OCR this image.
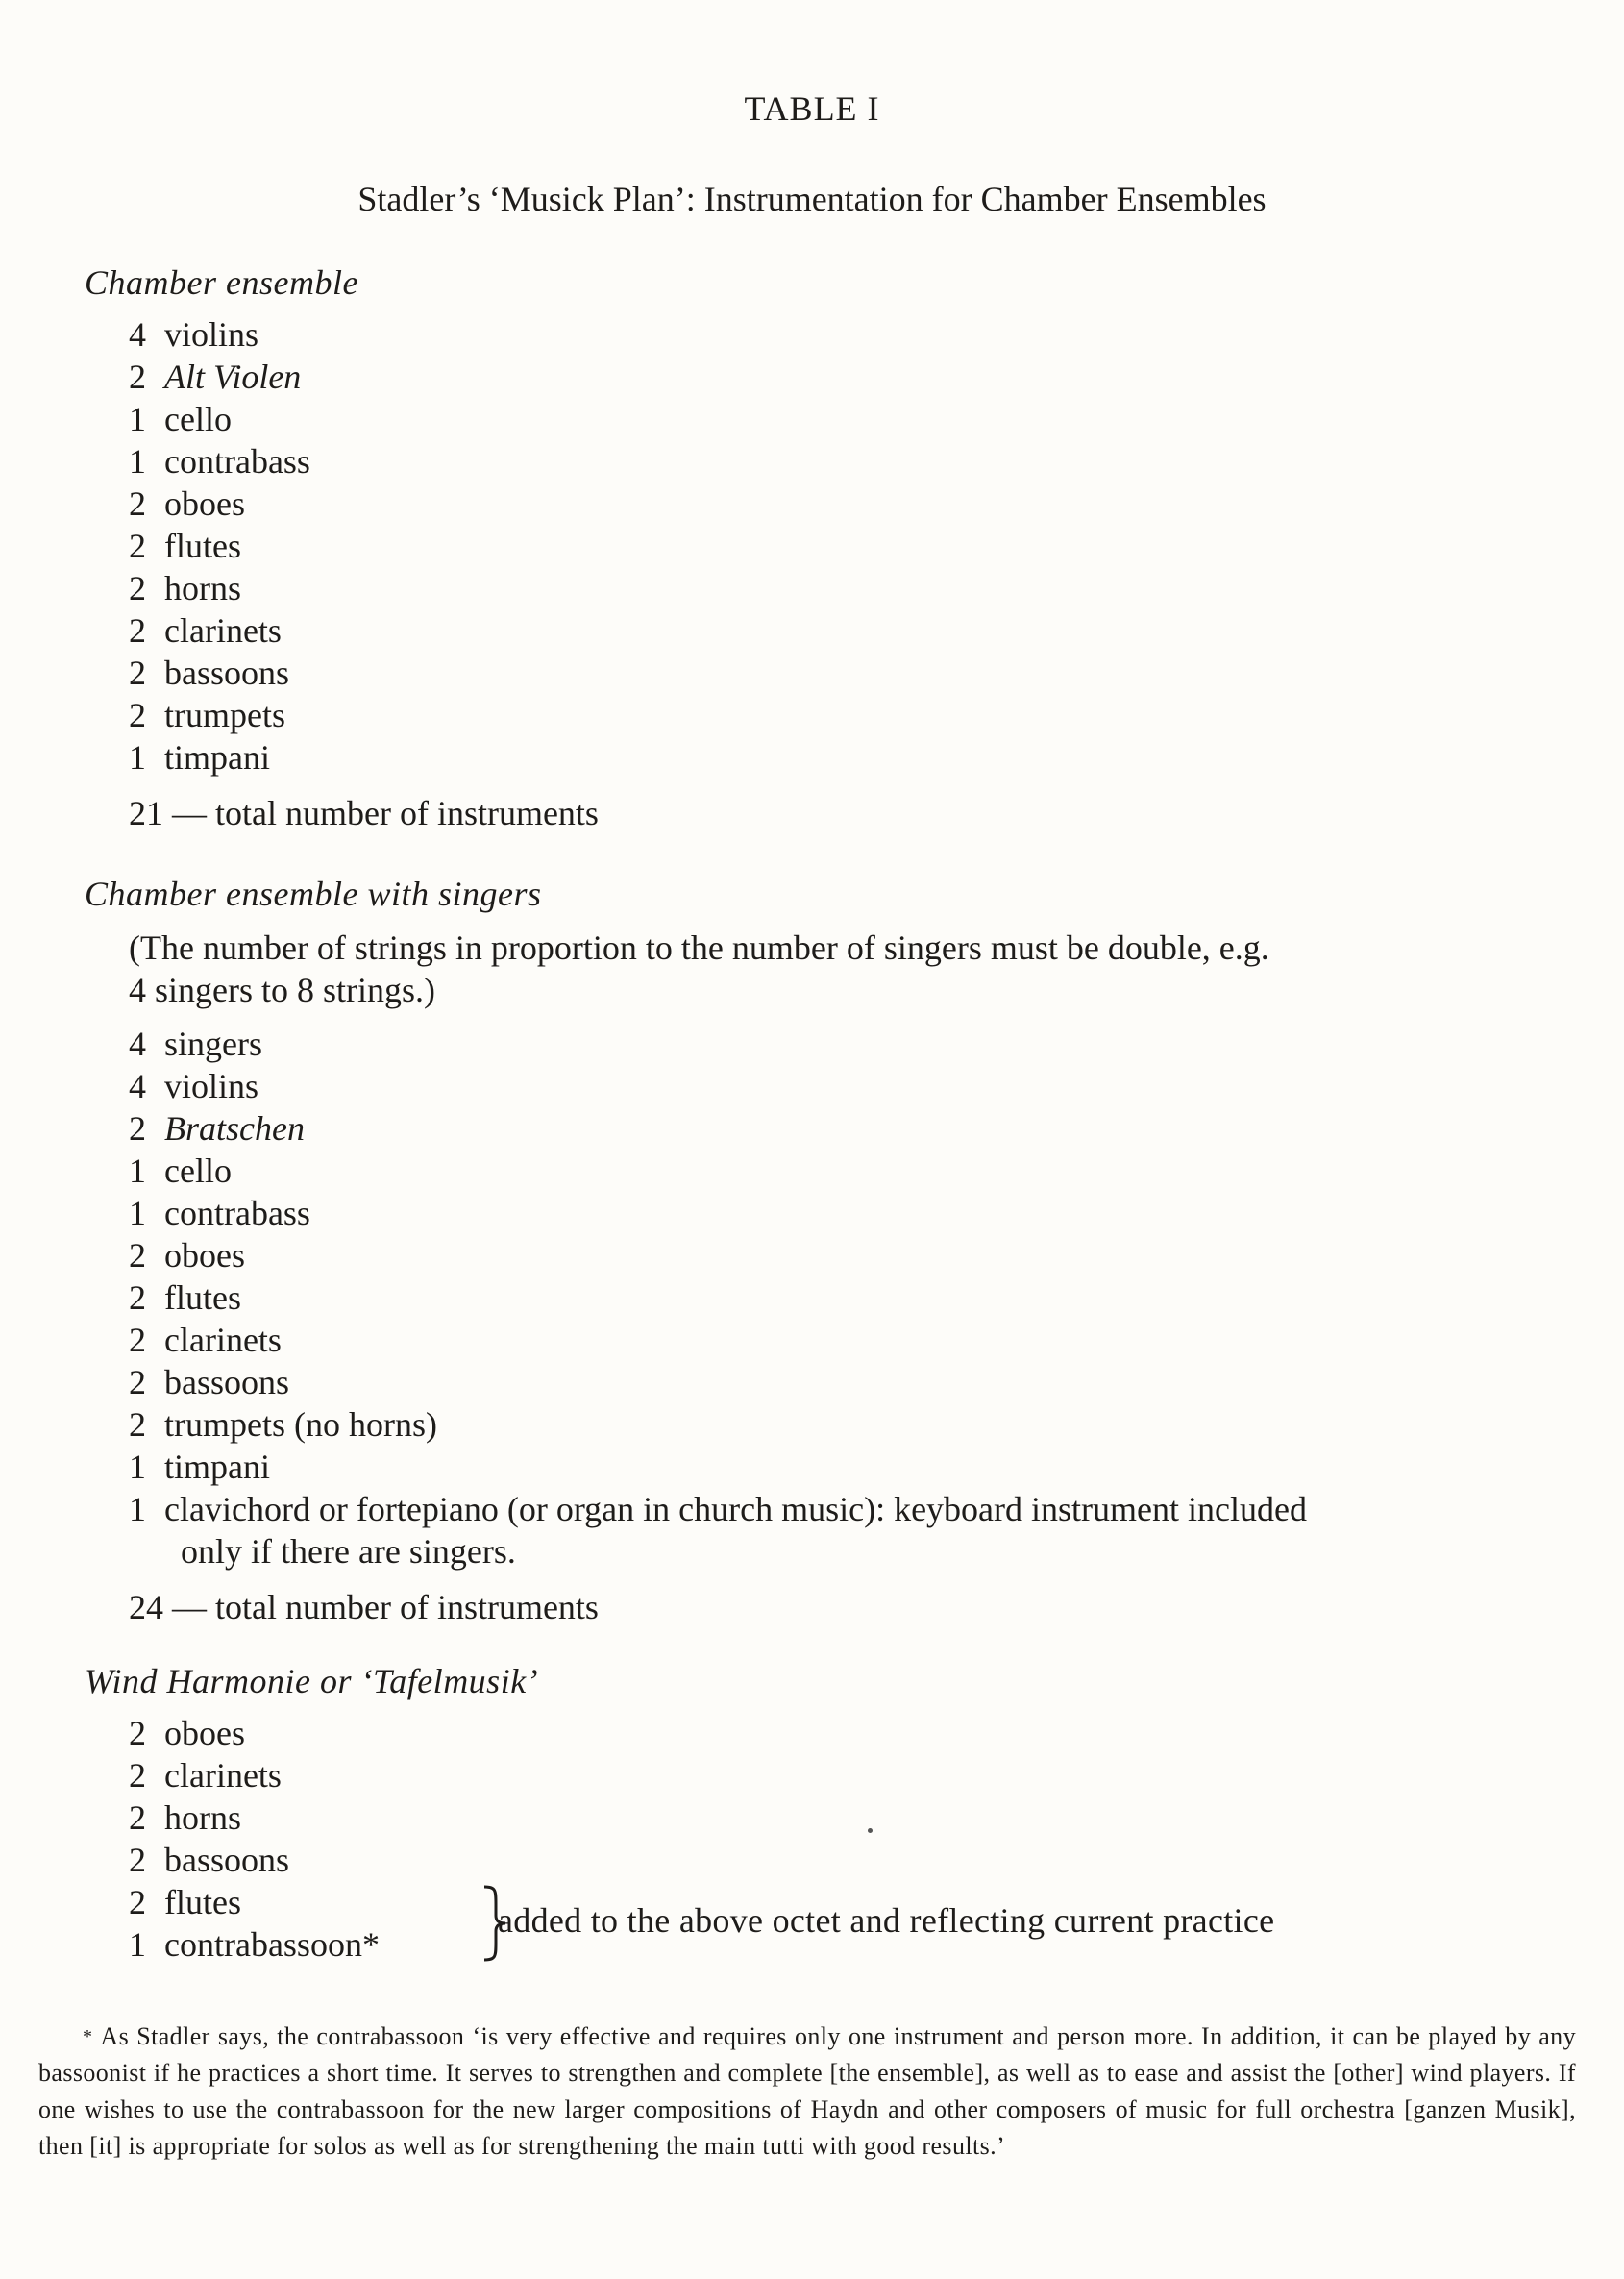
TABLE I
Stadler’s ‘Musick Plan’: Instrumentation for Chamber Ensembles
Chamber ensemble
4 violins
2 Alt Violen
1 cello
1 contrabass
2 oboes
2 flutes
2 horns
2 clarinets
2 bassoons
2 trumpets
1 timpani
21 — total number of instruments
Chamber ensemble with singers
(The number of strings in proportion to the number of singers must be double, e.g.
4 singers to 8 strings.)
4 singers
4 violins
2 Bratschen
1 cello
1 contrabass
2 oboes
2 flutes
2 clarinets
2 bassoons
2 trumpets (no horns)
1 timpani
1 clavichord or fortepiano (or organ in church music): keyboard instrument included
only if there are singers.
24 — total number of instruments
Wind Harmonie or ‘Tafelmusik’
2 oboes
2 clarinets
2 horns
2 bassoons
2 flutes
1 contrabassoon*
added to the above octet and reflecting current practice
* As Stadler says, the contrabassoon ‘is very effective and requires only one instrument and person more. In addition, it can be played by any bassoonist if he practices a short time. It serves to strengthen and complete [the ensemble], as well as to ease and assist the [other] wind players. If one wishes to use the contrabassoon for the new larger compositions of Haydn and other composers of music for full orchestra [ganzen Musik], then [it] is appropriate for solos as well as for strengthening the main tutti with good results.’
